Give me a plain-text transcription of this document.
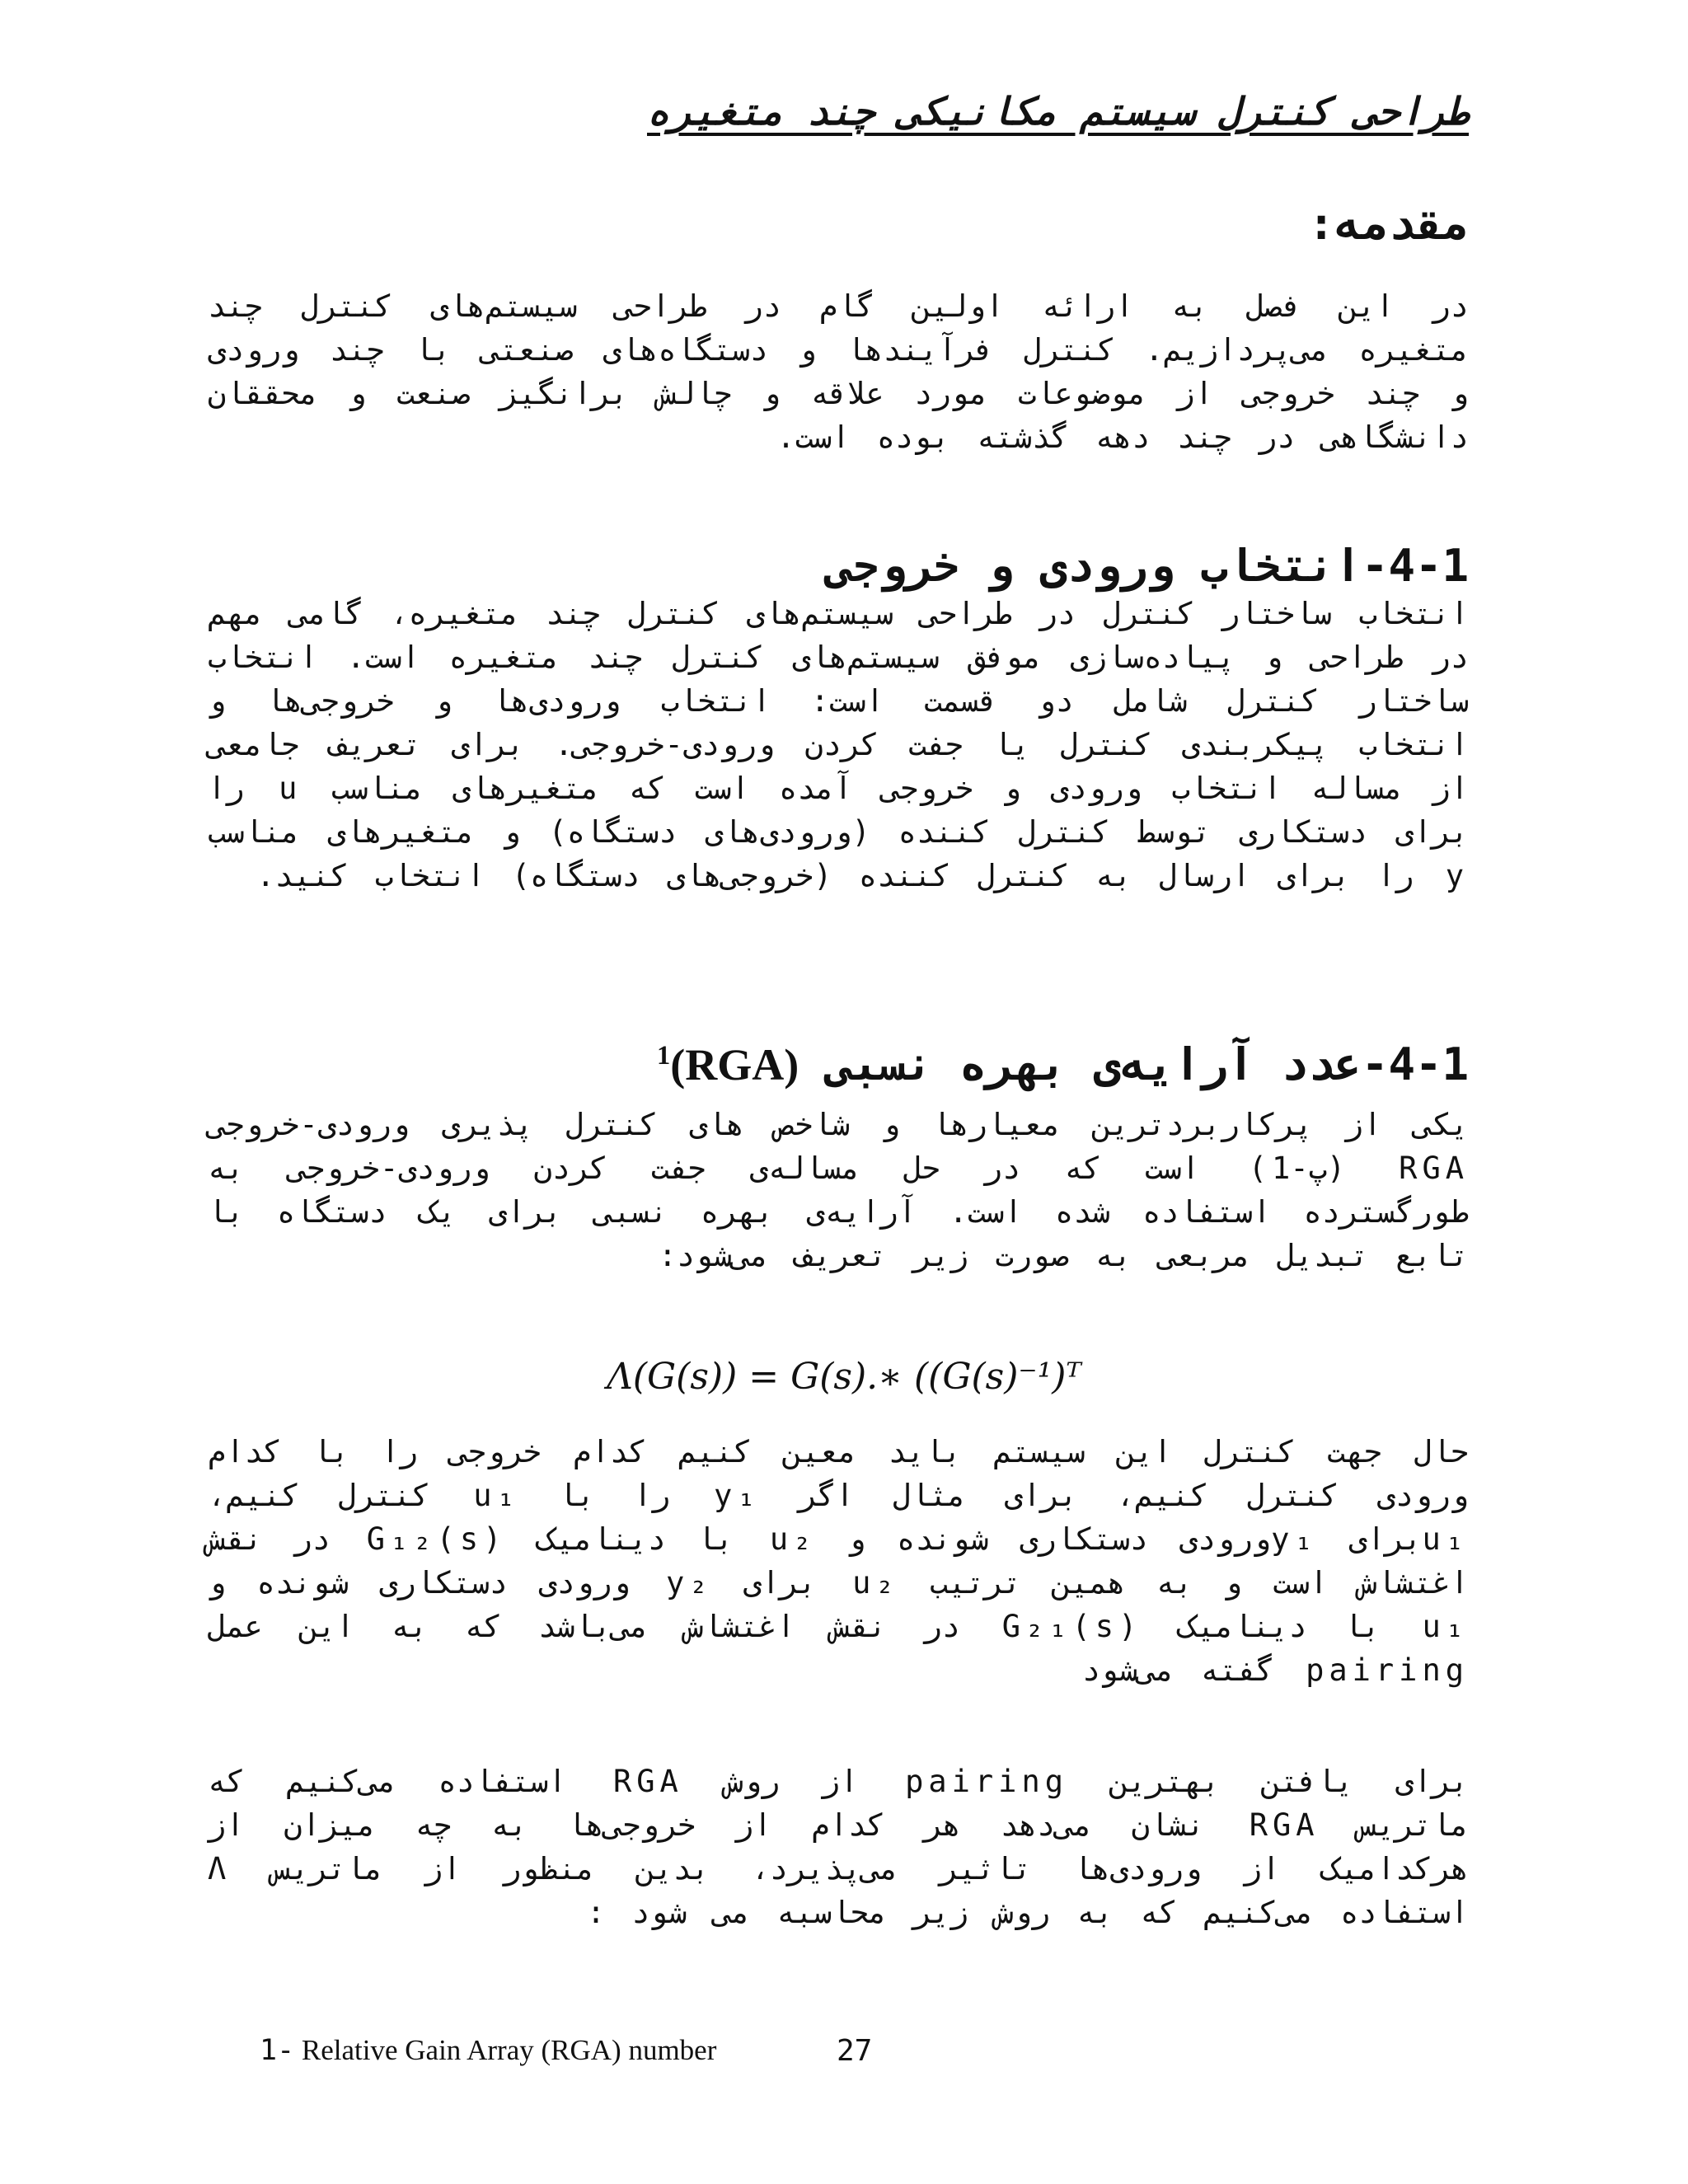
طراحی کنترل سیستم مکانیکی چند متغیره
مقدمه:
در این فصل به ارائه اولین گام در طراحی سیستم‌های کنترل چند متغیره می‌پردازیم. کنترل فرآیندها و دستگاه‌های صنعتی با چند ورودی و چند خروجی از موضوعات مورد علاقه و چالش برانگیز صنعت و محققان دانشگاهی در چند دهه گذشته بوده است.
4-1-انتخاب ورودی و خروجی
انتخاب ساختار کنترل در طراحی سیستم‌های کنترل چند متغیره، گامی مهم در طراحی و پیاده‌سازی موفق سیستم‌های کنترل چند متغیره است. انتخاب ساختار کنترل شامل دو قسمت است: انتخاب ورودی‌ها و خروجی‌ها و انتخاب پیکربندی کنترل یا جفت کردن ورودی-خروجی. برای تعریف جامعی از مساله انتخاب ورودی و خروجی آمده است که متغیرهای مناسب u را برای دستکاری توسط کنترل کننده (ورودی‌های دستگاه) و متغیرهای مناسب y را برای ارسال به کنترل کننده (خروجی‌های دستگاه) انتخاب کنید.
4-1-عدد آرایه‌ی بهره نسبی (RGA)$^1$
یکی از پرکاربردترین معیارها و شاخص های کنترل پذیری ورودی-خروجی RGA (پ-1) است که در حل مساله‌ی جفت کردن ورودی-خروجی به طورگسترده استفاده شده است. آرایه‌ی بهره نسبی برای یک دستگاه با تابع تبدیل مربعی به صورت زیر تعریف می‌شود:
Λ(G(s)) = G(s).∗ ((G(s)⁻¹)ᵀ
حال جهت کنترل این سیستم باید معین کنیم کدام خروجی را با کدام ورودی کنترل کنیم، برای مثال اگر y₁ را با u₁ کنترل کنیم، u₁برای y₁ورودی دستکاری شونده و u₂ با دینامیک G₁₂(s) در نقش اغتشاش است و به همین ترتیب u₂ برای y₂ ورودی دستکاری شونده و u₁ با دینامیک G₂₁(s) در نقش اغتشاش می‌باشد که به این عمل pairing گفته می‌شود
برای یافتن بهترین pairing از روش RGA استفاده می‌کنیم که ماتریس RGA نشان می‌دهد هر کدام از خروجی‌ها به چه میزان از هرکدامیک از ورودی‌ها تاثیر می‌پذیرد، بدین منظور از ماتریس Λ استفاده می‌کنیم که به روش زیر محاسبه می شود :
1- Relative Gain Array (RGA) number	27
